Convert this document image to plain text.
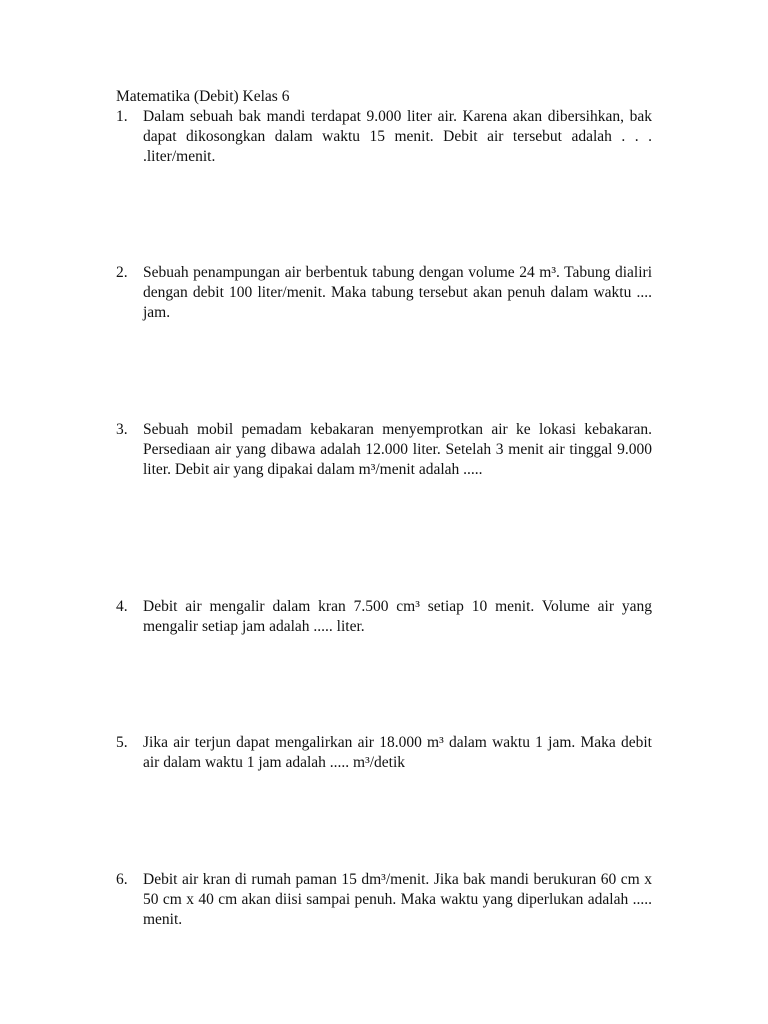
Matematika (Debit) Kelas 6
1. Dalam sebuah bak mandi terdapat 9.000 liter air. Karena akan dibersihkan, bak dapat dikosongkan dalam waktu 15 menit. Debit air tersebut adalah . . . .liter/menit.
2. Sebuah penampungan air berbentuk tabung dengan volume 24 m³. Tabung dialiri dengan debit 100 liter/menit. Maka tabung tersebut akan penuh dalam waktu .... jam.
3. Sebuah mobil pemadam kebakaran menyemprotkan air ke lokasi kebakaran. Persediaan air yang dibawa adalah 12.000 liter. Setelah 3 menit air tinggal 9.000 liter. Debit air yang dipakai dalam m³/menit adalah .....
4. Debit air mengalir dalam kran 7.500 cm³ setiap 10 menit. Volume air yang mengalir setiap jam adalah ..... liter.
5. Jika air terjun dapat mengalirkan air 18.000 m³ dalam waktu 1 jam. Maka debit air dalam waktu 1 jam adalah ..... m³/detik
6. Debit air kran di rumah paman 15 dm³/menit. Jika bak mandi berukuran 60 cm x 50 cm x 40 cm akan diisi sampai penuh. Maka waktu yang diperlukan adalah ..... menit.
